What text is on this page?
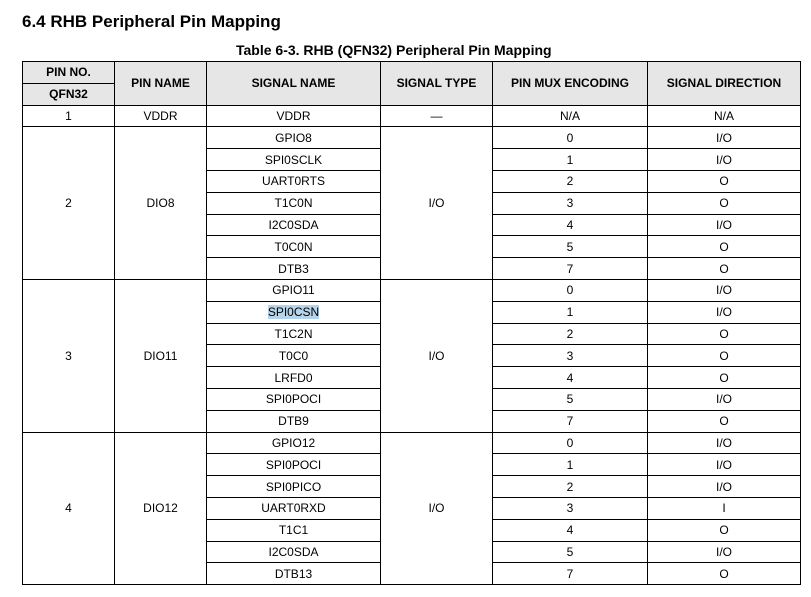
6.4 RHB Peripheral Pin Mapping
Table 6-3. RHB (QFN32) Peripheral Pin Mapping
PIN NO.	PIN NAME	SIGNAL NAME	SIGNAL TYPE	PIN MUX ENCODING	SIGNAL DIRECTION
QFN32					
1	VDDR	VDDR	—	N/A	N/A
2	DIO8	GPIO8	I/O	0	I/O
		SPI0SCLK		1	I/O
		UART0RTS		2	O
		T1C0N		3	O
		I2C0SDA		4	I/O
		T0C0N		5	O
		DTB3		7	O
3	DIO11	GPIO11	I/O	0	I/O
		SPI0CSN		1	I/O
		T1C2N		2	O
		T0C0		3	O
		LRFD0		4	O
		SPI0POCI		5	I/O
		DTB9		7	O
4	DIO12	GPIO12	I/O	0	I/O
		SPI0POCI		1	I/O
		SPI0PICO		2	I/O
		UART0RXD		3	I
		T1C1		4	O
		I2C0SDA		5	I/O
		DTB13		7	O
